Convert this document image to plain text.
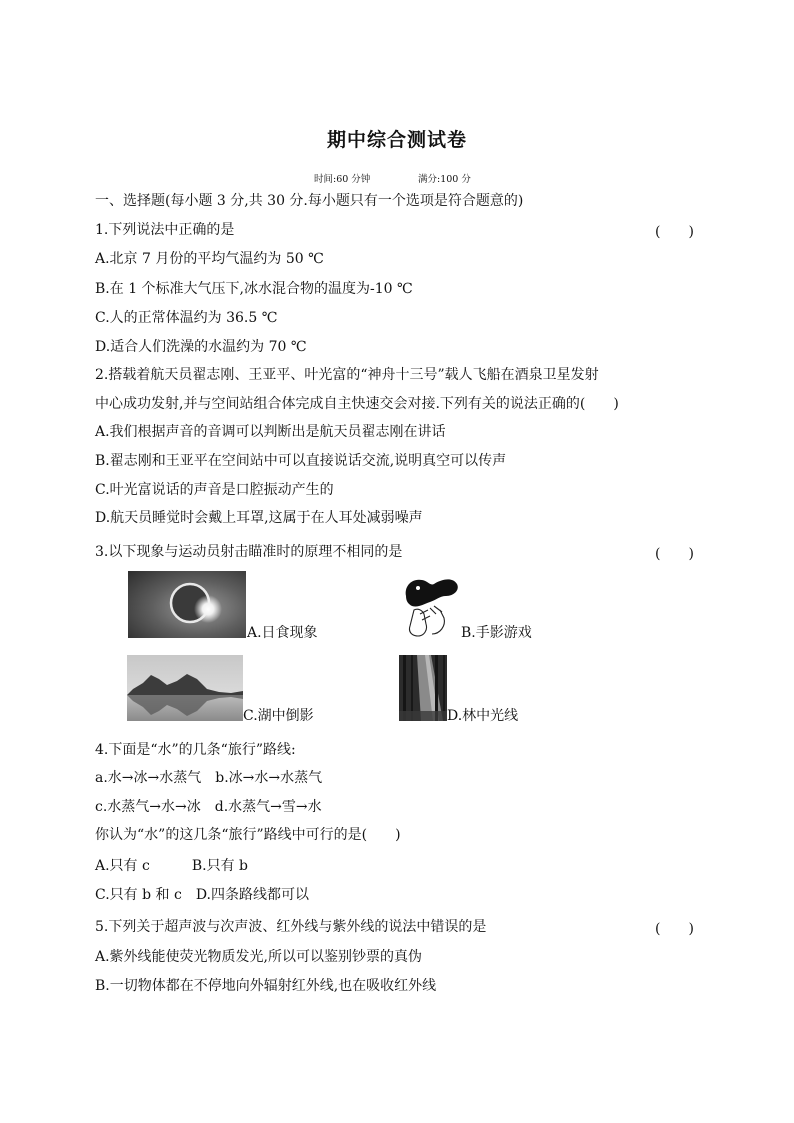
期中综合测试卷
时间:60 分钟	满分:100 分
一、选择题(每小题 3 分,共 30 分.每小题只有一个选项是符合题意的)
1.下列说法中正确的是	(　　)
A.北京 7 月份的平均气温约为 50 ℃
B.在 1 个标准大气压下,冰水混合物的温度为-10 ℃
C.人的正常体温约为 36.5 ℃
D.适合人们洗澡的水温约为 70 ℃
2.搭载着航天员翟志刚、王亚平、叶光富的“神舟十三号”载人飞船在酒泉卫星发射
中心成功发射,并与空间站组合体完成自主快速交会对接.下列有关的说法正确的(　　)
A.我们根据声音的音调可以判断出是航天员翟志刚在讲话
B.翟志刚和王亚平在空间站中可以直接说话交流,说明真空可以传声
C.叶光富说话的声音是口腔振动产生的
D.航天员睡觉时会戴上耳罩,这属于在人耳处减弱噪声
3.以下现象与运动员射击瞄准时的原理不相同的是	(　　)
A.日食现象	B.手影游戏
C.湖中倒影	D.林中光线
4.下面是“水”的几条“旅行”路线:
a.水→冰→水蒸气　b.冰→水→水蒸气
c.水蒸气→水→冰　d.水蒸气→雪→水
你认为“水”的这几条“旅行”路线中可行的是(　　)
A.只有 c　　　B.只有 b
C.只有 b 和 c　D.四条路线都可以
5.下列关于超声波与次声波、红外线与紫外线的说法中错误的是	(　　)
A.紫外线能使荧光物质发光,所以可以鉴别钞票的真伪
B.一切物体都在不停地向外辐射红外线,也在吸收红外线
